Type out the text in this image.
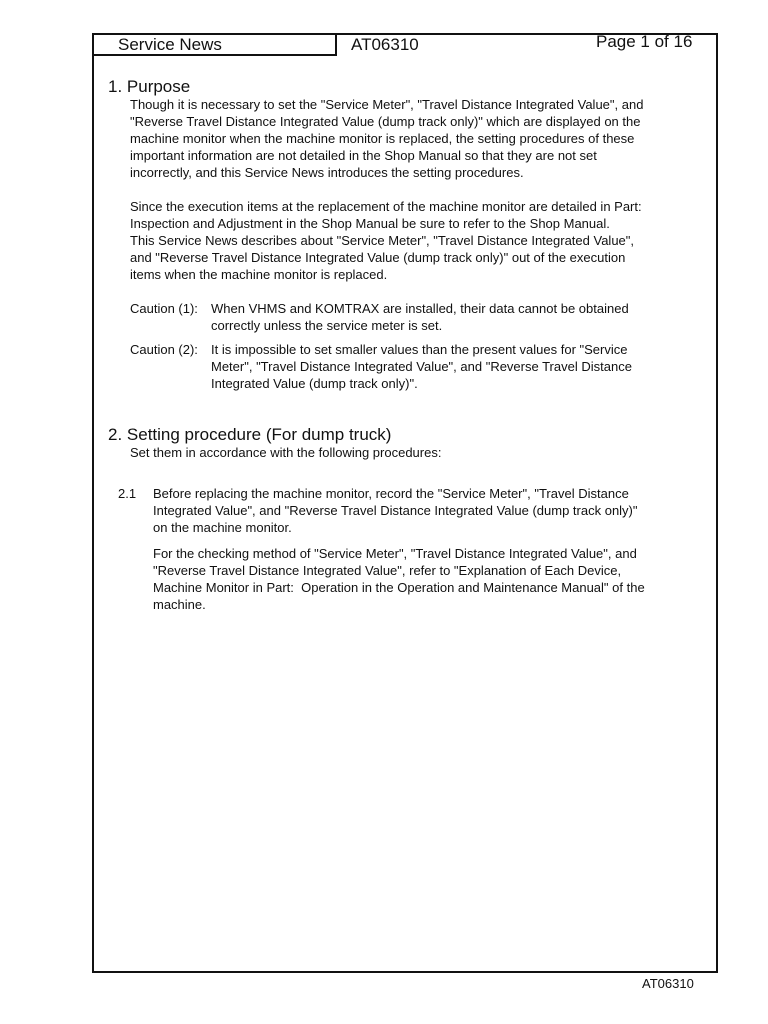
Service News	AT06310	Page 1 of 16
1. Purpose
Though it is necessary to set the "Service Meter", "Travel Distance Integrated Value", and
"Reverse Travel Distance Integrated Value (dump track only)" which are displayed on the
machine monitor when the machine monitor is replaced, the setting procedures of these
important information are not detailed in the Shop Manual so that they are not set
incorrectly, and this Service News introduces the setting procedures.
Since the execution items at the replacement of the machine monitor are detailed in Part:
Inspection and Adjustment in the Shop Manual be sure to refer to the Shop Manual.
This Service News describes about "Service Meter", "Travel Distance Integrated Value",
and "Reverse Travel Distance Integrated Value (dump track only)" out of the execution
items when the machine monitor is replaced.
Caution (1): When VHMS and KOMTRAX are installed, their data cannot be obtained
correctly unless the service meter is set.
Caution (2): It is impossible to set smaller values than the present values for "Service
Meter", "Travel Distance Integrated Value", and "Reverse Travel Distance
Integrated Value (dump track only)".
2. Setting procedure (For dump truck)
Set them in accordance with the following procedures:
2.1 Before replacing the machine monitor, record the "Service Meter", "Travel Distance
Integrated Value", and "Reverse Travel Distance Integrated Value (dump track only)"
on the machine monitor.
For the checking method of "Service Meter", "Travel Distance Integrated Value", and
"Reverse Travel Distance Integrated Value", refer to "Explanation of Each Device,
Machine Monitor in Part:  Operation in the Operation and Maintenance Manual" of the
machine.
AT06310
